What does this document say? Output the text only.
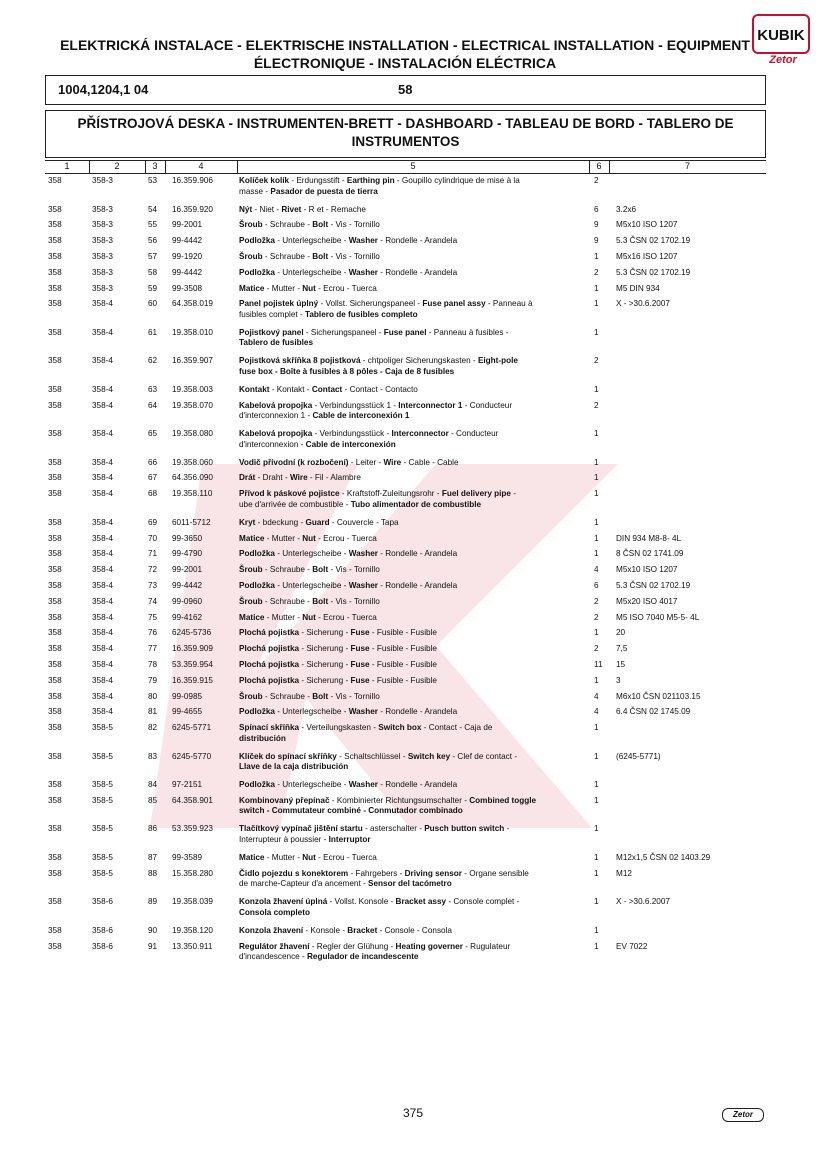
ELEKTRICKÁ INSTALACE - ELEKTRISCHE INSTALLATION - ELECTRICAL INSTALLATION - EQUIPMENT
ÉLECTRONIQUE - INSTALACIÓN ELÉCTRICA
KUBIK
Zetor
1004,1204,1 04	58
PŘÍSTROJOVÁ DESKA - INSTRUMENTEN-BRETT - DASHBOARD - TABLEAU DE BORD - TABLERO DE
INSTRUMENTOS
1	2	3	4	5	6	7
358	358-3	53 16.359.906	Kolíček kolík - Erdungsstift - Earthing pin - Goupillo cylindrique de mise à la
masse - Pasador de puesta de tierra
2
358	358-3	54 16.359.920	Nýt - Niet - Rivet - R et - Remache	6 3.2x6
358	358-3	55 99-2001	Šroub - Schraube - Bolt - Vis - Tornillo	9 M5x10 ISO 1207
358	358-3	56 99-4442	Podložka - Unterlegscheibe - Washer - Rondelle - Arandela	9 5.3 ČSN 02 1702.19
358	358-3	57 99-1920	Šroub - Schraube - Bolt - Vis - Tornillo	1 M5x16 ISO 1207
358	358-3	58 99-4442	Podložka - Unterlegscheibe - Washer - Rondelle - Arandela	2 5.3 ČSN 02 1702.19
358	358-3	59 99-3508	Matice - Mutter - Nut - Ecrou - Tuerca	1 M5 DIN 934
358	358-4	60 64.358.019	Panel pojistek úplný - Vollst. Sicherungspaneel - Fuse panel assy - Panneau à
fusibles complet - Tablero de fusibles completo
1 X - >30.6.2007
358	358-4	61 19.358.010	Pojistkový panel - Sicherungspaneel - Fuse panel - Panneau à fusibles -
Tablero de fusibles
1
358	358-4	62 16.359.907	Pojistková skříňka 8 pojistková - chtpoliger Sicherungskasten - Eight-pole
fuse box - Boîte à fusibles à 8 pôles - Caja de 8 fusibles
2
358	358-4	63 19.358.003	Kontakt - Kontakt - Contact - Contact - Contacto	1
358	358-4	64 19.358.070	Kabelová propojka - Verbindungsstück 1 - Interconnector 1 - Conducteur
d'interconnexion 1 - Cable de interconexión 1
2
358	358-4	65 19.358.080	Kabelová propojka - Verbindungsstück - Interconnector - Conducteur
d'interconnexion - Cable de interconexión
1
358	358-4	66 19.358.060	Vodič přívodní (k rozbočení) - Leiter - Wire - Cable - Cable	1
358	358-4	67 64.356.090	Drát - Draht - Wire - Fil - Alambre	1
358	358-4	68 19.358.110	Přívod k páskové pojistce - Kraftstoff-Zuleitungsrohr - Fuel delivery pipe -
ube d'arrivée de combustible - Tubo alimentador de combustible
1
358	358-4	69 6011-5712	Kryt - bdeckung - Guard - Couvercle - Tapa	1
358	358-4	70 99-3650	Matice - Mutter - Nut - Ecrou - Tuerca	1 DIN 934 M8-8- 4L
358	358-4	71 99-4790	Podložka - Unterlegscheibe - Washer - Rondelle - Arandela	1 8 ČSN 02 1741.09
358	358-4	72 99-2001	Šroub - Schraube - Bolt - Vis - Tornillo	4 M5x10 ISO 1207
358	358-4	73 99-4442	Podložka - Unterlegscheibe - Washer - Rondelle - Arandela	6 5.3 ČSN 02 1702.19
358	358-4	74 99-0960	Šroub - Schraube - Bolt - Vis - Tornillo	2 M5x20 ISO 4017
358	358-4	75 99-4162	Matice - Mutter - Nut - Ecrou - Tuerca	2 M5 ISO 7040 M5-5- 4L
358	358-4	76 6245-5736	Plochá pojistka - Sicherung - Fuse - Fusible - Fusible	1 20
358	358-4	77 16.359.909	Plochá pojistka - Sicherung - Fuse - Fusible - Fusible	2 7,5
358	358-4	78 53.359.954	Plochá pojistka - Sicherung - Fuse - Fusible - Fusible	11 15
358	358-4	79 16.359.915	Plochá pojistka - Sicherung - Fuse - Fusible - Fusible	1 3
358	358-4	80 99-0985	Šroub - Schraube - Bolt - Vis - Tornillo	4 M6x10 ČSN 021103.15
358	358-4	81 99-4655	Podložka - Unterlegscheibe - Washer - Rondelle - Arandela	4 6.4 ČSN 02 1745.09
358	358-5	82 6245-5771	Spínací skříňka - Verteilungskasten - Switch box - Contact - Caja de
distribución
1
358	358-5	83 6245-5770	Klíček do spínací skříňky - Schaltschlüssel - Switch key - Clef de contact -
Llave de la caja distribución
1 (6245-5771)
358	358-5	84 97-2151	Podložka - Unterlegscheibe - Washer - Rondelle - Arandela	1
358	358-5	85 64.358.901	Kombinovaný přepínač - Kombinierter Richtungsumschalter - Combined toggle
switch - Commutateur combiné - Conmutador combinado
1
358	358-5	86 53.359.923	Tlačítkový vypínač jištění startu - asterschalter - Pusch button switch -
Interrupteur à poussier - Interruptor
1
358	358-5	87 99-3589	Matice - Mutter - Nut - Ecrou - Tuerca	1 M12x1,5 ČSN 02 1403.29
358	358-5	88 15.358.280	Čidlo pojezdu s konektorem - Fahrgebers - Driving sensor - Organe sensible
de marche-Capteur d'a ancement - Sensor del tacómetro
1 M12
358	358-6	89 19.358.039	Konzola žhavení úplná - Vollst. Konsole - Bracket assy - Console complet -
Consola completo
1 X - >30.6.2007
358	358-6	90 19.358.120	Konzola žhavení - Konsole - Bracket - Console - Consola	1
358	358-6	91 13.350.911	Regulátor žhavení - Regler der Glühung - Heating governer - Rugulateur
d'incandescence - Regulador de incandescente
1 EV 7022
375	Zetor
